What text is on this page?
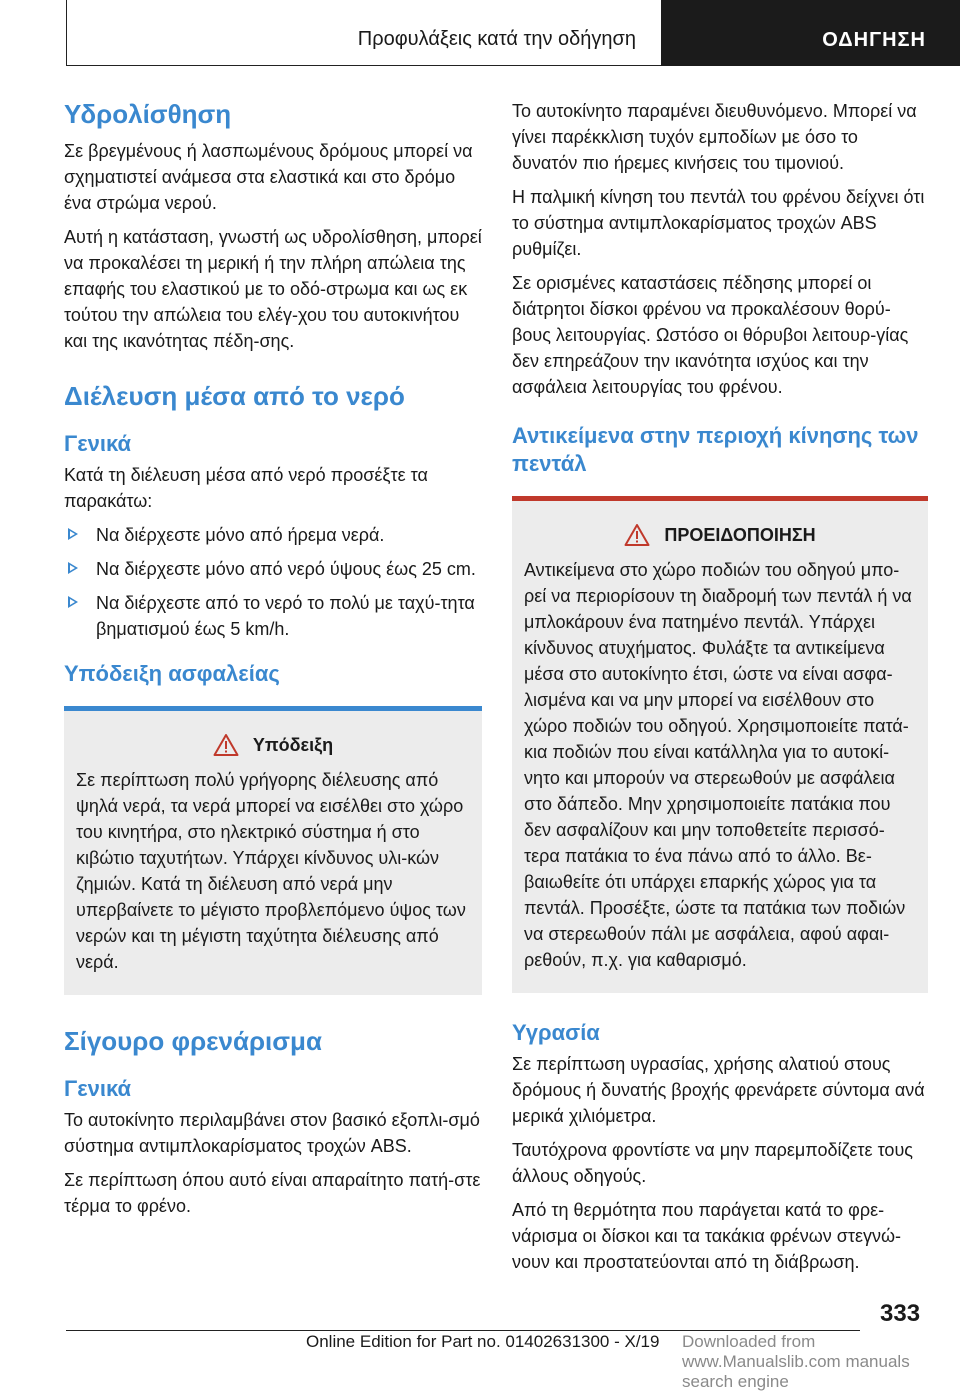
Προφυλάξεις κατά την οδήγηση	ΟΔΗΓΗΣΗ
Υδρολίσθηση

Σε βρεγμένους ή λασπωμένους δρόμους μπορεί να σχηματιστεί ανάμεσα στα ελαστικά και στο δρόμο ένα στρώμα νερού.

Αυτή η κατάσταση, γνωστή ως υδρολίσθηση, μπορεί να προκαλέσει τη μερική ή την πλήρη απώλεια της επαφής του ελαστικού με το οδό-στρωμα και ως εκ τούτου την απώλεια του ελέγ-χου του αυτοκινήτου και της ικανότητας πέδη-σης.

Διέλευση μέσα από το νερό
Γενικά

Κατά τη διέλευση μέσα από νερό προσέξτε τα παρακάτω:

Να διέρχεστε μόνο από ήρεμα νερά.
Να διέρχεστε μόνο από νερό ύψους έως 25 cm.
Να διέρχεστε από το νερό το πολύ με ταχύ-τητα βηματισμού έως 5 km/h.
Υπόδειξη ασφαλείας
Υπόδειξη

Σε περίπτωση πολύ γρήγορης διέλευσης από ψηλά νερά, τα νερά μπορεί να εισέλθει στο χώρο του κινητήρα, στο ηλεκτρικό σύστημα ή στο κιβώτιο ταχυτήτων. Υπάρχει κίνδυνος υλι-κών ζημιών. Κατά τη διέλευση από νερά μην υπερβαίνετε το μέγιστο προβλεπόμενο ύψος των νερών και τη μέγιστη ταχύτητα διέλευσης από νερά.

Σίγουρο φρενάρισμα
Γενικά

Το αυτοκίνητο περιλαμβάνει στον βασικό εξοπλι-σμό σύστημα αντιμπλοκαρίσματος τροχών ABS.

Σε περίπτωση όπου αυτό είναι απαραίτητο πατή-στε τέρμα το φρένο.

Το αυτοκίνητο παραμένει διευθυνόμενο. Μπορεί να γίνει παρέκκλιση τυχόν εμποδίων με όσο το δυνατόν πιο ήρεμες κινήσεις του τιμονιού.

Η παλμική κίνηση του πεντάλ του φρένου δείχνει ότι το σύστημα αντιμπλοκαρίσματος τροχών ABS ρυθμίζει.

Σε ορισμένες καταστάσεις πέδησης μπορεί οι διάτρητοι δίσκοι φρένου να προκαλέσουν θορύ-βους λειτουργίας. Ωστόσο οι θόρυβοι λειτουρ-γίας δεν επηρεάζουν την ικανότητα ισχύος και την ασφάλεια λειτουργίας του φρένου.

Αντικείμενα στην περιοχή κίνησης των πεντάλ
ΠΡΟΕΙΔΟΠΟΙΗΣΗ

Αντικείμενα στο χώρο ποδιών του οδηγού μπο-ρεί να περιορίσουν τη διαδρομή των πεντάλ ή να μπλοκάρουν ένα πατημένο πεντάλ. Υπάρχει κίνδυνος ατυχήματος. Φυλάξτε τα αντικείμενα μέσα στο αυτοκίνητο έτσι, ώστε να είναι ασφα-λισμένα και να μην μπορεί να εισέλθουν στο χώρο ποδιών του οδηγού. Χρησιμοποιείτε πατά-κια ποδιών που είναι κατάλληλα για το αυτοκί-νητο και μπορούν να στερεωθούν με ασφάλεια στο δάπεδο. Μην χρησιμοποιείτε πατάκια που δεν ασφαλίζουν και μην τοποθετείτε περισσό-τερα πατάκια το ένα πάνω από το άλλο. Βε-βαιωθείτε ότι υπάρχει επαρκής χώρος για τα πεντάλ. Προσέξτε, ώστε τα πατάκια των ποδιών να στερεωθούν πάλι με ασφάλεια, αφού αφαι-ρεθούν, π.χ. για καθαρισμό.

Υγρασία

Σε περίπτωση υγρασίας, χρήσης αλατιού στους δρόμους ή δυνατής βροχής φρενάρετε σύντομα ανά μερικά χιλιόμετρα.

Ταυτόχρονα φροντίστε να μην παρεμποδίζετε τους άλλους οδηγούς.

Από τη θερμότητα που παράγεται κατά το φρε-νάρισμα οι δίσκοι και τα τακάκια φρένων στεγνώ-νουν και προστατεύονται από τη διάβρωση.

333
Online Edition for Part no. 01402631300 - X/19 Downloaded from www.Manualslib.com manuals search engine
